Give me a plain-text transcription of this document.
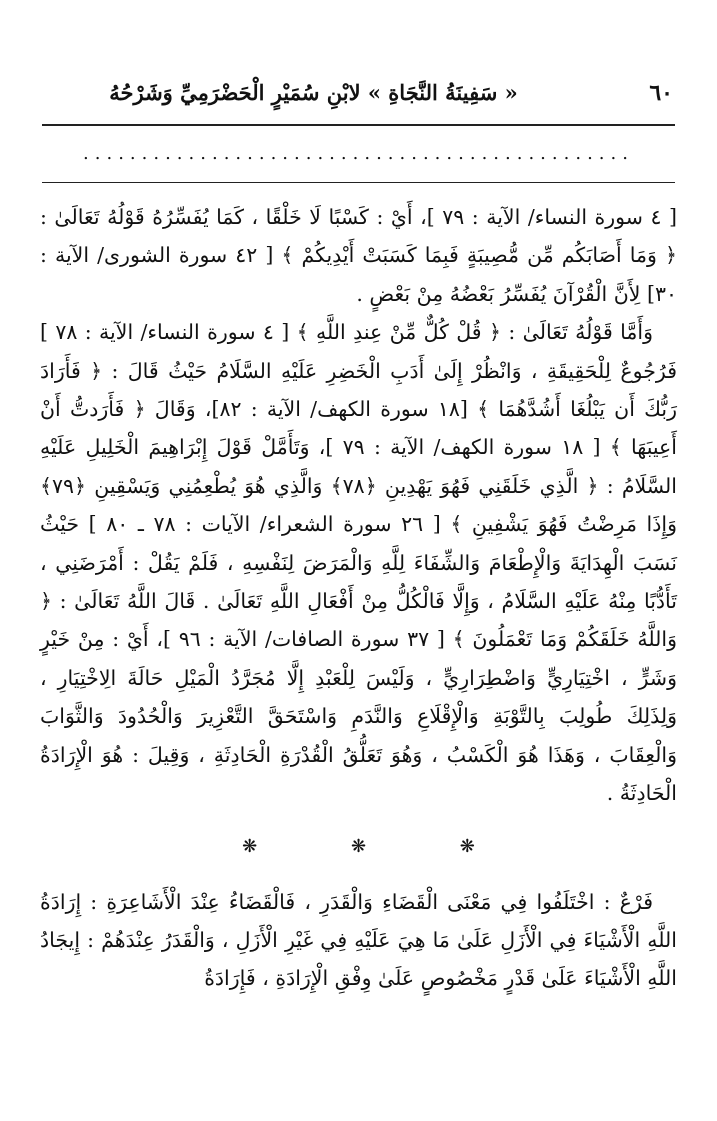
٦٠
« سَفِينَةُ النَّجَاةِ » لابْنِ سُمَيْرٍ الْحَضْرَمِيِّ وَشَرْحُهُ
...............................................

[ ٤ سورة النساء/ الآية : ٧٩ ]، أَيْ : كَسْبًا لَا خَلْقًا ، كَمَا يُفَسِّرُهُ قَوْلُهُ تَعَالَىٰ : ﴿ وَمَا أَصَابَكُم مِّن مُّصِيبَةٍ فَبِمَا كَسَبَتْ أَيْدِيكُمْ ﴾ [ ٤٢ سورة الشورى/ الآية : ٣٠] لِأَنَّ الْقُرْآنَ يُفَسِّرُ بَعْضُهُ مِنْ بَعْضٍ .

وَأَمَّا قَوْلُهُ تَعَالَىٰ : ﴿ قُلْ كُلٌّ مِّنْ عِندِ اللَّهِ ﴾ [ ٤ سورة النساء/ الآية : ٧٨ ] فَرُجُوعٌ لِلْحَقِيقَةِ ، وَانْظُرْ إِلَىٰ أَدَبِ الْخَضِرِ عَلَيْهِ السَّلَامُ حَيْثُ قَالَ : ﴿ فَأَرَادَ رَبُّكَ أَن يَبْلُغَا أَشُدَّهُمَا ﴾ [١٨ سورة الكهف/ الآية : ٨٢]، وَقَالَ ﴿ فَأَرَدتُّ أَنْ أَعِيبَهَا ﴾ [ ١٨ سورة الكهف/ الآية : ٧٩ ]، وَتَأَمَّلْ قَوْلَ إِبْرَاهِيمَ الْخَلِيلِ عَلَيْهِ السَّلَامُ : ﴿ الَّذِي خَلَقَنِي فَهُوَ يَهْدِينِ ﴿٧٨﴾ وَالَّذِي هُوَ يُطْعِمُنِي وَيَسْقِينِ ﴿٧٩﴾ وَإِذَا مَرِضْتُ فَهُوَ يَشْفِينِ ﴾ [ ٢٦ سورة الشعراء/ الآيات : ٧٨ ـ ٨٠ ] حَيْثُ نَسَبَ الْهِدَايَةَ وَالْإِطْعَامَ وَالشِّفَاءَ لِلَّهِ وَالْمَرَضَ لِنَفْسِهِ ، فَلَمْ يَقُلْ : أَمْرَضَنِي ، تَأَدُّبًا مِنْهُ عَلَيْهِ السَّلَامُ ، وَإِلَّا فَالْكُلُّ مِنْ أَفْعَالِ اللَّهِ تَعَالَىٰ . قَالَ اللَّهُ تَعَالَىٰ : ﴿ وَاللَّهُ خَلَقَكُمْ وَمَا تَعْمَلُونَ ﴾ [ ٣٧ سورة الصافات/ الآية : ٩٦ ]، أَيْ : مِنْ خَيْرٍ وَشَرٍّ ، اخْتِيَارِيٍّ وَاضْطِرَارِيٍّ ، وَلَيْسَ لِلْعَبْدِ إِلَّا مُجَرَّدُ الْمَيْلِ حَالَةَ الِاخْتِيَارِ ، وَلِذَلِكَ طُولِبَ بِالتَّوْبَةِ وَالْإِقْلَاعِ وَالنَّدَمِ وَاسْتَحَقَّ التَّعْزِيرَ وَالْحُدُودَ وَالثَّوَابَ وَالْعِقَابَ ، وَهَذَا هُوَ الْكَسْبُ ، وَهُوَ تَعَلُّقُ الْقُدْرَةِ الْحَادِثَةِ ، وَقِيلَ : هُوَ الْإِرَادَةُ الْحَادِثَةُ .

❋	❋	❋

فَرْعٌ : اخْتَلَفُوا فِي مَعْنَى الْقَضَاءِ وَالْقَدَرِ ، فَالْقَضَاءُ عِنْدَ الْأَشَاعِرَةِ : إِرَادَةُ اللَّهِ الْأَشْيَاءَ فِي الْأَزَلِ عَلَىٰ مَا هِيَ عَلَيْهِ فِي غَيْرِ الْأَزَلِ ، وَالْقَدَرُ عِنْدَهُمْ : إِيجَادُ اللَّهِ الْأَشْيَاءَ عَلَىٰ قَدْرٍ مَخْصُوصٍ عَلَىٰ وِفْقِ الْإِرَادَةِ ، فَإِرَادَةُ
